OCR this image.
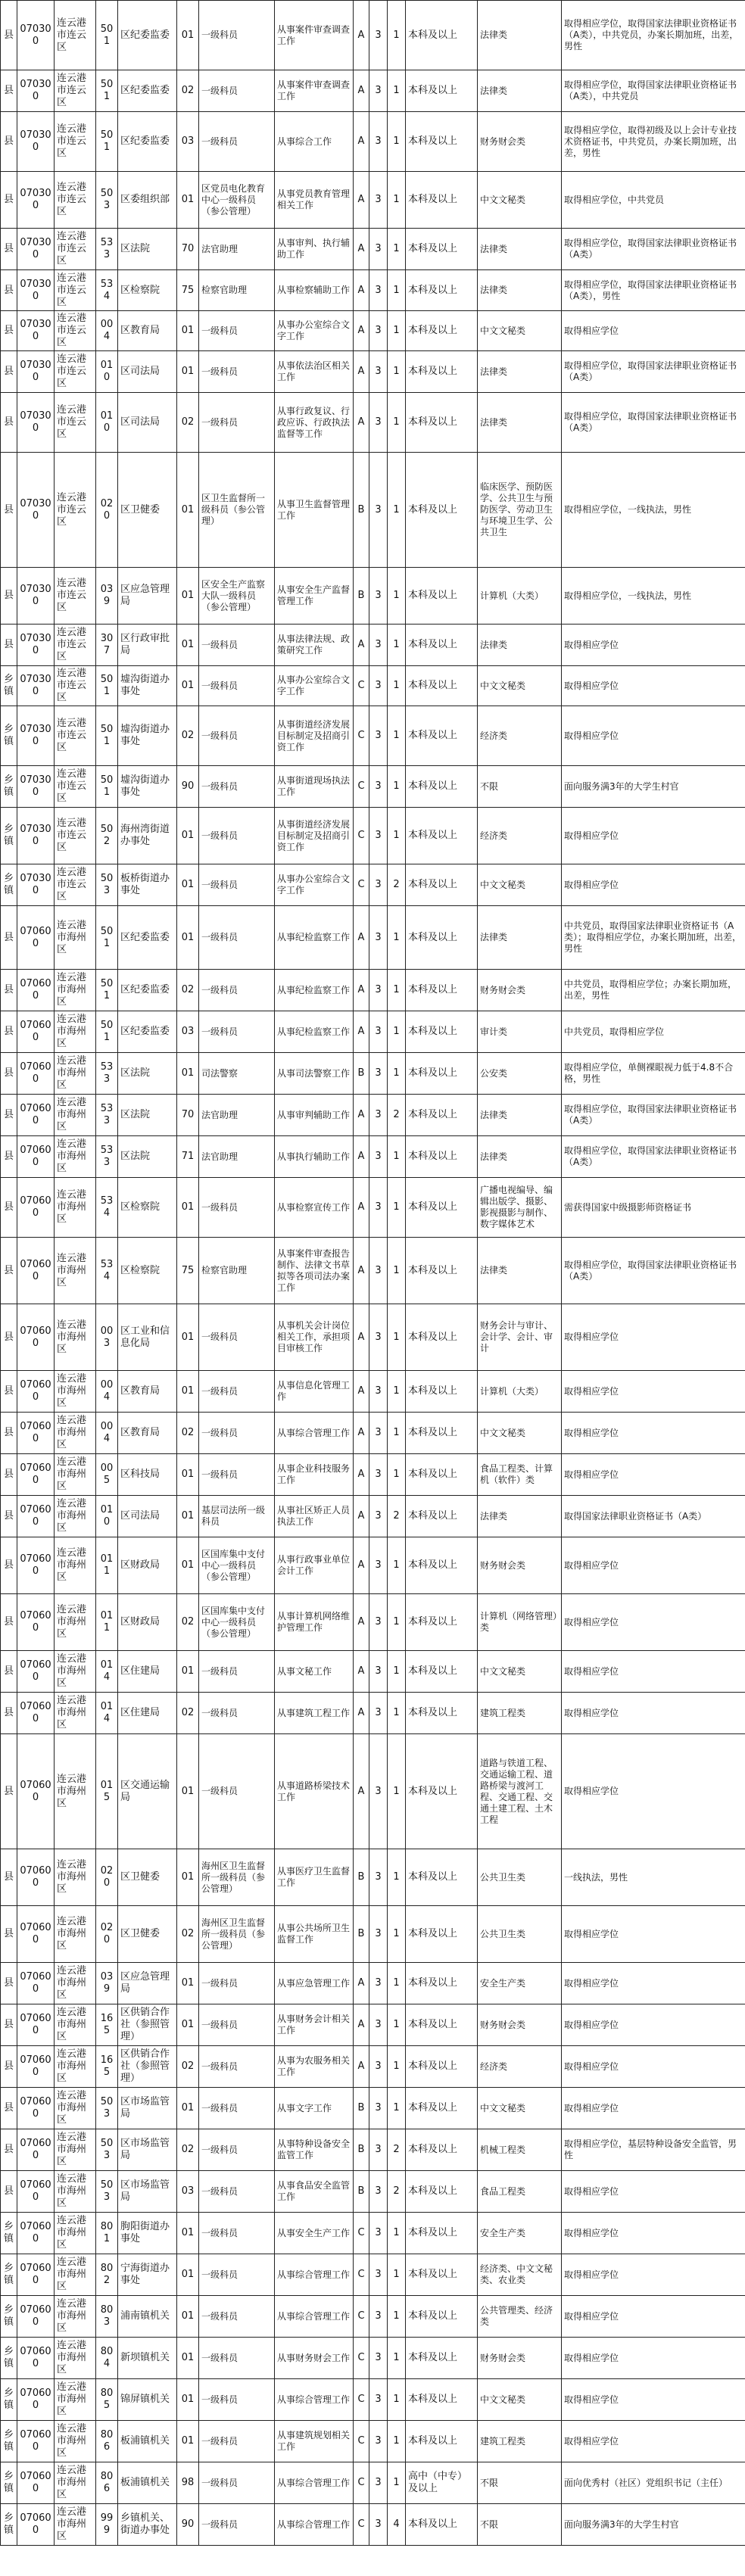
县	070300	连云港市连云区	501	区纪委监委	01	一级科员		从事案件审查调查工作	A	3	1	本科及以上		法律类	取得相应学位，取得国家法律职业资格证书（A类），中共党员，办案长期加班，出差，男性
县	070300	连云港市连云区	501	区纪委监委	02	一级科员		从事案件审查调查工作	A	3	1	本科及以上		法律类	取得相应学位，取得国家法律职业资格证书（A类），中共党员
县	070300	连云港市连云区	501	区纪委监委	03	一级科员		从事综合工作	A	3	1	本科及以上		财务财会类	取得相应学位，取得初级及以上会计专业技术资格证书，中共党员，办案长期加班，出差，男性
县	070300	连云港市连云区	503	区委组织部	01	区党员电化教育中心一级科员（参公管理）		从事党员教育管理相关工作	A	3	1	本科及以上		中文文秘类	取得相应学位，中共党员
县	070300	连云港市连云区	533	区法院	70	法官助理		从事审判、执行辅助工作	A	3	1	本科及以上		法律类	取得相应学位，取得国家法律职业资格证书（A类）
县	070300	连云港市连云区	534	区检察院	75	检察官助理		从事检察辅助工作	A	3	1	本科及以上		法律类	取得相应学位，取得国家法律职业资格证书（A类），男性
县	070300	连云港市连云区	004	区教育局	01	一级科员		从事办公室综合文字工作	A	3	1	本科及以上		中文文秘类	取得相应学位
县	070300	连云港市连云区	010	区司法局	01	一级科员		从事依法治区相关工作	A	3	1	本科及以上		法律类	取得相应学位，取得国家法律职业资格证书（A类）
县	070300	连云港市连云区	010	区司法局	02	一级科员		从事行政复议、行政应诉、行政执法监督等工作	A	3	1	本科及以上		法律类	取得相应学位，取得国家法律职业资格证书（A类）
县	070300	连云港市连云区	020	区卫健委	01	区卫生监督所一级科员（参公管理）		从事卫生监督管理工作	B	3	1	本科及以上		临床医学、预防医学、公共卫生与预防医学、劳动卫生与环境卫生学、公共卫生	取得相应学位，一线执法，男性
县	070300	连云港市连云区	039	区应急管理局	01	区安全生产监察大队一级科员（参公管理）		从事安全生产监督管理工作	B	3	1	本科及以上		计算机（大类）	取得相应学位，一线执法，男性
县	070300	连云港市连云区	307	区行政审批局	01	一级科员		从事法律法规、政策研究工作	A	3	1	本科及以上		法律类	取得相应学位
乡镇	070300	连云港市连云区	501	墟沟街道办事处	01	一级科员		从事办公室综合文字工作	C	3	1	本科及以上		中文文秘类	取得相应学位
乡镇	070300	连云港市连云区	501	墟沟街道办事处	02	一级科员		从事街道经济发展目标制定及招商引资工作	C	3	1	本科及以上		经济类	取得相应学位
乡镇	070300	连云港市连云区	501	墟沟街道办事处	90	一级科员		从事街道现场执法工作	C	3	1	本科及以上		不限	面向服务满3年的大学生村官
乡镇	070300	连云港市连云区	502	海州湾街道办事处	01	一级科员		从事街道经济发展目标制定及招商引资工作	C	3	1	本科及以上		经济类	取得相应学位
乡镇	070300	连云港市连云区	503	板桥街道办事处	01	一级科员		从事办公室综合文字工作	C	3	2	本科及以上		中文文秘类	取得相应学位
县	070600	连云港市海州区	501	区纪委监委	01	一级科员		从事纪检监察工作	A	3	1	本科及以上		法律类	中共党员，取得国家法律职业资格证书（A类）；取得相应学位，办案长期加班，出差，男性
县	070600	连云港市海州区	501	区纪委监委	02	一级科员		从事纪检监察工作	A	3	1	本科及以上		财务财会类	中共党员，取得相应学位；办案长期加班，出差，男性
县	070600	连云港市海州区	501	区纪委监委	03	一级科员		从事纪检监察工作	A	3	1	本科及以上		审计类	中共党员，取得相应学位
县	070600	连云港市海州区	533	区法院	01	司法警察		从事司法警察工作	B	3	1	本科及以上		公安类	取得相应学位，单侧裸眼视力低于4.8不合格，男性
县	070600	连云港市海州区	533	区法院	70	法官助理		从事审判辅助工作	A	3	2	本科及以上		法律类	取得相应学位，取得国家法律职业资格证书（A类）
县	070600	连云港市海州区	533	区法院	71	法官助理		从事执行辅助工作	A	3	1	本科及以上		法律类	取得相应学位，取得国家法律职业资格证书（A类）
县	070600	连云港市海州区	534	区检察院	01	一级科员		从事检察宣传工作	A	3	1	本科及以上		广播电视编导、编辑出版学、摄影、影视摄影与制作、数字媒体艺术	需获得国家中级摄影师资格证书
县	070600	连云港市海州区	534	区检察院	75	检察官助理		从事案件审查报告制作、法律文书草拟等各项司法办案工作	A	3	1	本科及以上		法律类	取得相应学位，取得国家法律职业资格证书（A类）
县	070600	连云港市海州区	003	区工业和信息化局	01	一级科员		从事机关会计岗位相关工作，承担项目审核工作	A	3	1	本科及以上		财务会计与审计、会计学、会计、审计	取得相应学位
县	070600	连云港市海州区	004	区教育局	01	一级科员		从事信息化管理工作	A	3	1	本科及以上		计算机（大类）	取得相应学位
县	070600	连云港市海州区	004	区教育局	02	一级科员		从事综合管理工作	A	3	1	本科及以上		中文文秘类	取得相应学位
县	070600	连云港市海州区	005	区科技局	01	一级科员		从事企业科技服务工作	A	3	1	本科及以上		食品工程类、计算机（软件）类	取得相应学位
县	070600	连云港市海州区	010	区司法局	01	基层司法所一级科员		从事社区矫正人员执法工作	A	3	2	本科及以上		法律类	取得国家法律职业资格证书（A类）
县	070600	连云港市海州区	011	区财政局	01	区国库集中支付中心一级科员（参公管理）		从事行政事业单位会计工作	A	3	1	本科及以上		财务财会类	取得相应学位
县	070600	连云港市海州区	011	区财政局	02	区国库集中支付中心一级科员（参公管理）		从事计算机网络维护管理工作	A	3	1	本科及以上		计算机（网络管理）类	取得相应学位
县	070600	连云港市海州区	014	区住建局	01	一级科员		从事文秘工作	A	3	1	本科及以上		中文文秘类	取得相应学位
县	070600	连云港市海州区	014	区住建局	02	一级科员		从事建筑工程工作	A	3	1	本科及以上		建筑工程类	取得相应学位
县	070600	连云港市海州区	015	区交通运输局	01	一级科员		从事道路桥梁技术工作	A	3	1	本科及以上		道路与铁道工程、交通运输工程、道路桥梁与渡河工程、交通工程、交通土建工程、土木工程	取得相应学位
县	070600	连云港市海州区	020	区卫健委	01	海州区卫生监督所一级科员（参公管理）		从事医疗卫生监督工作	B	3	1	本科及以上		公共卫生类	一线执法，男性
县	070600	连云港市海州区	020	区卫健委	02	海州区卫生监督所一级科员（参公管理）		从事公共场所卫生监督工作	B	3	1	本科及以上		公共卫生类	取得相应学位
县	070600	连云港市海州区	039	区应急管理局	01	一级科员		从事应急管理工作	A	3	1	本科及以上		安全生产类	取得相应学位
县	070600	连云港市海州区	165	区供销合作社（参照管理）	01	一级科员		从事财务会计相关工作	A	3	1	本科及以上		财务财会类	取得相应学位
县	070600	连云港市海州区	165	区供销合作社（参照管理）	02	一级科员		从事为农服务相关工作	A	3	1	本科及以上		经济类	取得相应学位
县	070600	连云港市海州区	503	区市场监管局	01	一级科员		从事文字工作	B	3	1	本科及以上		中文文秘类	取得相应学位
县	070600	连云港市海州区	503	区市场监管局	02	一级科员		从事特种设备安全监管工作	B	3	2	本科及以上		机械工程类	取得相应学位，基层特种设备安全监管，男性
县	070600	连云港市海州区	503	区市场监管局	03	一级科员		从事食品安全监管工作	B	3	2	本科及以上		食品工程类	取得相应学位
乡镇	070600	连云港市海州区	801	朐阳街道办事处	01	一级科员		从事安全生产工作	C	3	1	本科及以上		安全生产类	取得相应学位
乡镇	070600	连云港市海州区	802	宁海街道办事处	01	一级科员		从事综合管理工作	C	3	1	本科及以上		经济类、中文文秘类、农业类	取得相应学位
乡镇	070600	连云港市海州区	803	浦南镇机关	01	一级科员		从事综合管理工作	C	3	1	本科及以上		公共管理类、经济类	取得相应学位
乡镇	070600	连云港市海州区	804	新坝镇机关	01	一级科员		从事财务财会工作	C	3	1	本科及以上		财务财会类	取得相应学位
乡镇	070600	连云港市海州区	805	锦屏镇机关	01	一级科员		从事综合管理工作	C	3	1	本科及以上		中文文秘类	取得相应学位
乡镇	070600	连云港市海州区	806	板浦镇机关	01	一级科员		从事建筑规划相关工作	C	3	1	本科及以上		建筑工程类	取得相应学位
乡镇	070600	连云港市海州区	806	板浦镇机关	98	一级科员		从事综合管理工作	C	3	1	高中（中专）及以上		不限	面向优秀村（社区）党组织书记（主任）
乡镇	070600	连云港市海州区	999	乡镇机关、街道办事处	90	一级科员		从事综合管理工作	C	3	4	本科及以上		不限	面向服务满3年的大学生村官
